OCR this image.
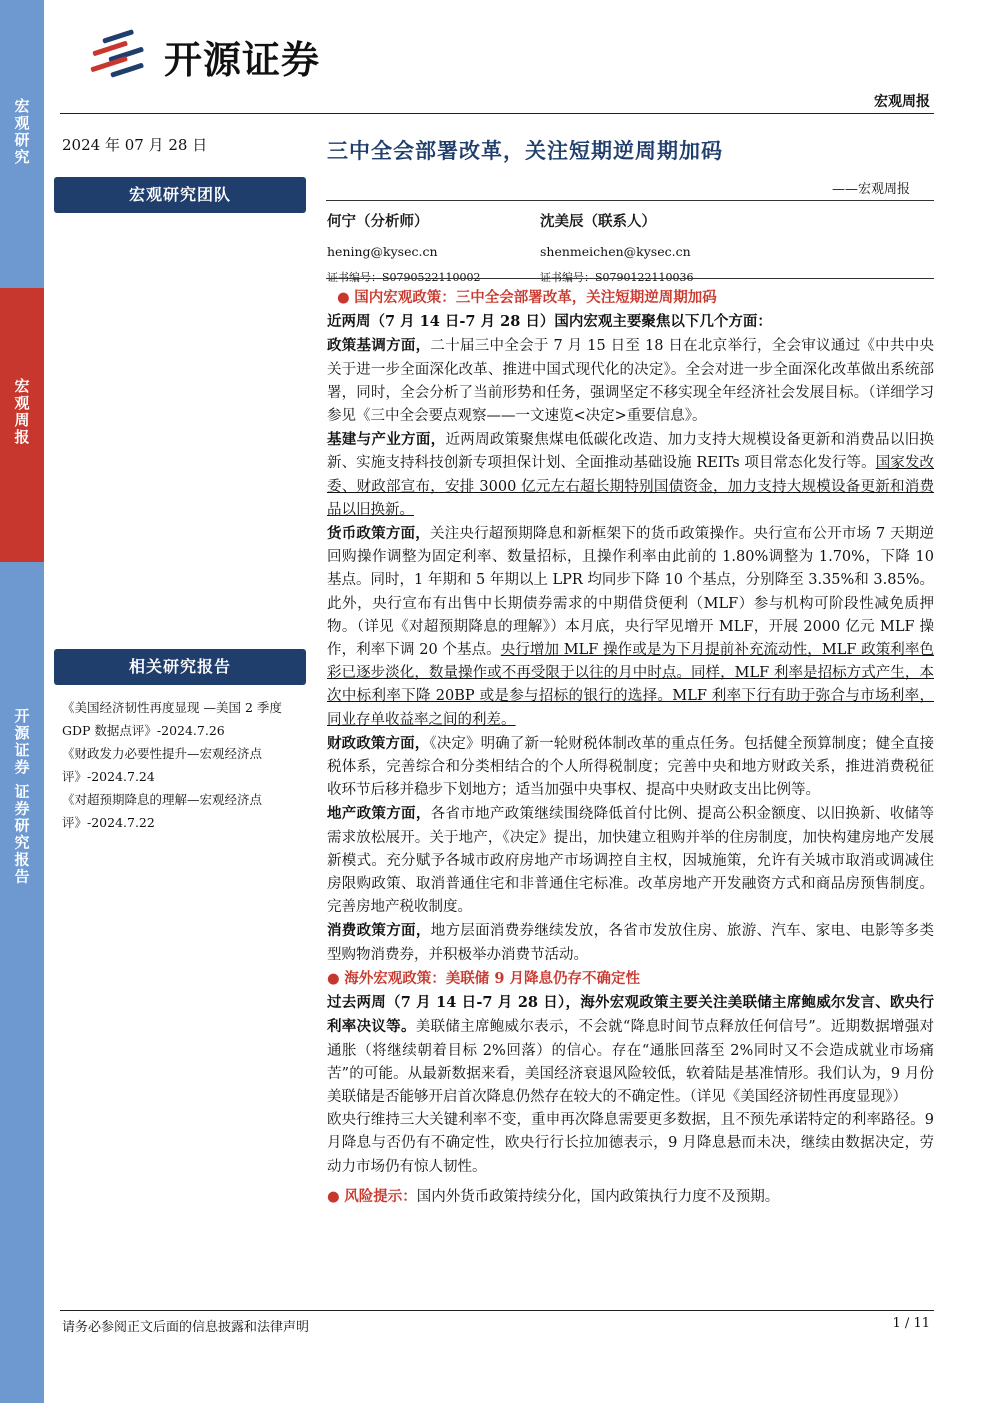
宏观研究
宏观周报
开源证券 证券研究报告
开源证券
宏观周报
2024 年 07 月 28 日
宏观研究团队
相关研究报告
《美国经济韧性再度显现 —美国 2 季度 GDP 数据点评》-2024.7.26
《财政发力必要性提升—宏观经济点评》-2024.7.24
《对超预期降息的理解—宏观经济点评》-2024.7.22
三中全会部署改革，关注短期逆周期加码
——宏观周报
何宁（分析师）
hening@kysec.cn
证书编号：S0790522110002
沈美辰（联系人）
shenmeichen@kysec.cn
证书编号：S0790122110036

● 国内宏观政策：三中全会部署改革，关注短期逆周期加码

近两周（7 月 14 日-7 月 28 日）国内宏观主要聚焦以下几个方面：

政策基调方面，二十届三中全会于 7 月 15 日至 18 日在北京举行，全会审议通过《中共中央关于进一步全面深化改革、推进中国式现代化的决定》。全会对进一步全面深化改革做出系统部署，同时，全会分析了当前形势和任务，强调坚定不移实现全年经济社会发展目标。（详细学习参见《三中全会要点观察——一文速览<决定>重要信息》。

基建与产业方面，近两周政策聚焦煤电低碳化改造、加力支持大规模设备更新和消费品以旧换新、实施支持科技创新专项担保计划、全面推动基础设施 REITs 项目常态化发行等。国家发改委、财政部宣布，安排 3000 亿元左右超长期特别国债资金，加力支持大规模设备更新和消费品以旧换新。

货币政策方面，关注央行超预期降息和新框架下的货币政策操作。央行宣布公开市场 7 天期逆回购操作调整为固定利率、数量招标，且操作利率由此前的 1.80%调整为 1.70%，下降 10 基点。同时，1 年期和 5 年期以上 LPR 均同步下降 10 个基点，分别降至 3.35%和 3.85%。此外，央行宣布有出售中长期债券需求的中期借贷便利（MLF）参与机构可阶段性减免质押物。（详见《对超预期降息的理解》）本月底，央行罕见增开 MLF，开展 2000 亿元 MLF 操作，利率下调 20 个基点。央行增加 MLF 操作或是为下月提前补充流动性，MLF 政策利率色彩已逐步淡化，数量操作或不再受限于以往的月中时点。同样，MLF 利率是招标方式产生，本次中标利率下降 20BP 或是参与招标的银行的选择。MLF 利率下行有助于弥合与市场利率，同业存单收益率之间的利差。

财政政策方面，《决定》明确了新一轮财税体制改革的重点任务。包括健全预算制度；健全直接税体系，完善综合和分类相结合的个人所得税制度；完善中央和地方财政关系，推进消费税征收环节后移并稳步下划地方；适当加强中央事权、提高中央财政支出比例等。

地产政策方面，各省市地产政策继续围绕降低首付比例、提高公积金额度、以旧换新、收储等需求放松展开。关于地产，《决定》提出，加快建立租购并举的住房制度，加快构建房地产发展新模式。充分赋予各城市政府房地产市场调控自主权，因城施策，允许有关城市取消或调减住房限购政策、取消普通住宅和非普通住宅标准。改革房地产开发融资方式和商品房预售制度。完善房地产税收制度。

消费政策方面，地方层面消费券继续发放，各省市发放住房、旅游、汽车、家电、电影等多类型购物消费券，并积极举办消费节活动。

● 海外宏观政策：美联储 9 月降息仍存不确定性

过去两周（7 月 14 日-7 月 28 日），海外宏观政策主要关注美联储主席鲍威尔发言、欧央行利率决议等。美联储主席鲍威尔表示，不会就“降息时间节点释放任何信号”。近期数据增强对通胀（将继续朝着目标 2%回落）的信心。存在“通胀回落至 2%同时又不会造成就业市场痛苦”的可能。从最新数据来看，美国经济衰退风险较低，软着陆是基准情形。我们认为，9 月份美联储是否能够开启首次降息仍然存在较大的不确定性。（详见《美国经济韧性再度显现》）

欧央行维持三大关键利率不变，重申再次降息需要更多数据，且不预先承诺特定的利率路径。9 月降息与否仍有不确定性，欧央行行长拉加德表示，9 月降息悬而未决，继续由数据决定，劳动力市场仍有惊人韧性。

● 风险提示：国内外货币政策持续分化，国内政策执行力度不及预期。

请务必参阅正文后面的信息披露和法律声明	1 / 11
